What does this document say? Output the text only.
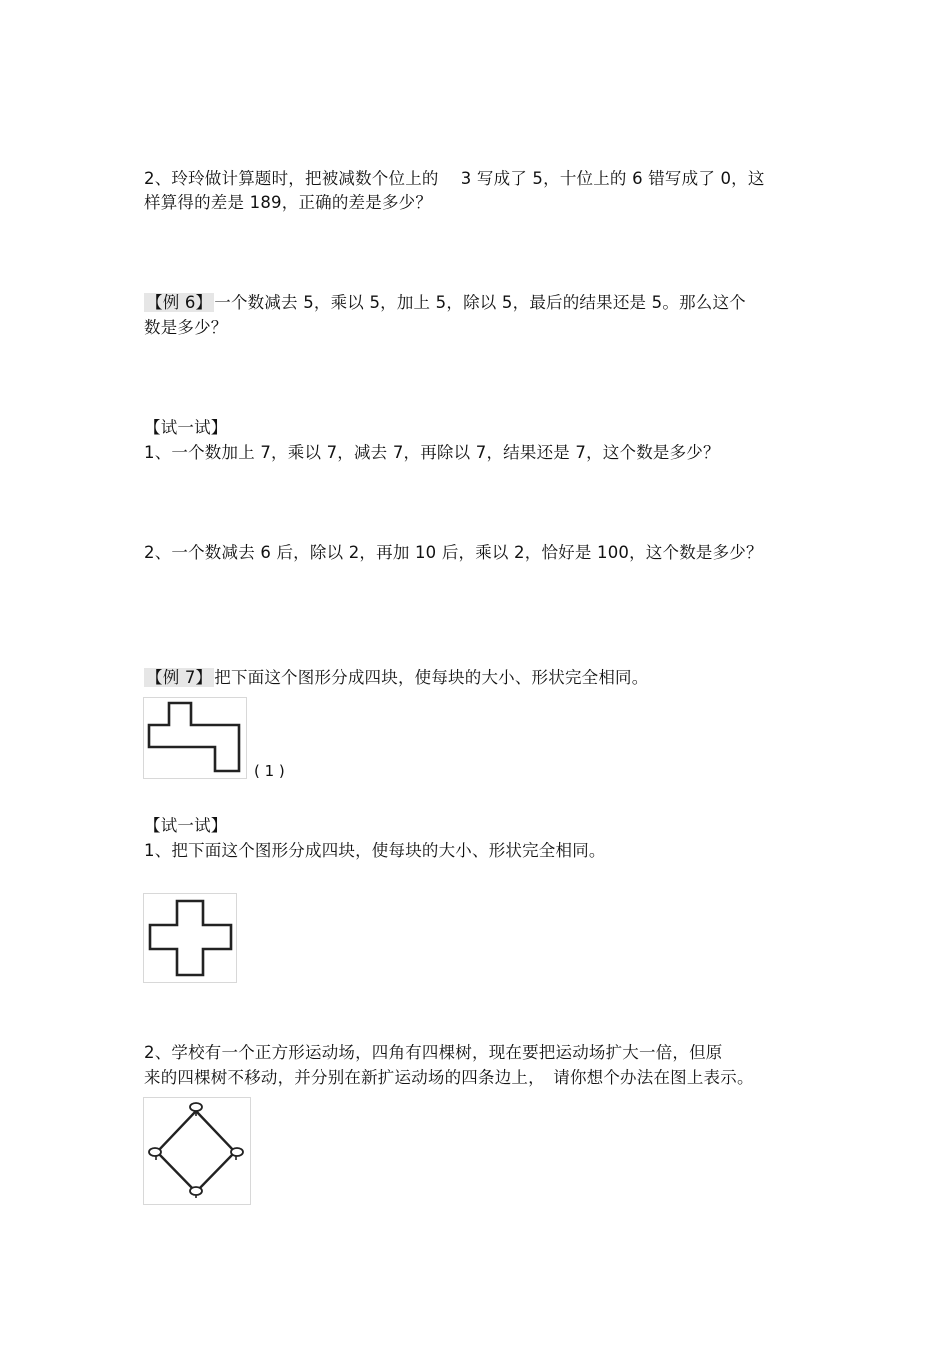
2、玲玲做计算题时，把被减数个位上的　 3 写成了 5，十位上的 6 错写成了 0，这
样算得的差是 189，正确的差是多少？
【例 6】 一个数减去 5，乘以 5，加上 5，除以 5，最后的结果还是 5。那么这个
数是多少？
【试一试】
1、一个数加上 7，乘以 7，减去 7，再除以 7，结果还是 7，这个数是多少？
2、一个数减去 6 后，除以 2，再加 10 后，乘以 2，恰好是 100，这个数是多少？
【例 7】 把下面这个图形分成四块，使每块的大小、形状完全相同。
( 1 )
【试一试】
1、把下面这个图形分成四块，使每块的大小、形状完全相同。
2、学校有一个正方形运动场，四角有四棵树，现在要把运动场扩大一倍，但原
来的四棵树不移动，并分别在新扩运动场的四条边上，　请你想个办法在图上表示。
